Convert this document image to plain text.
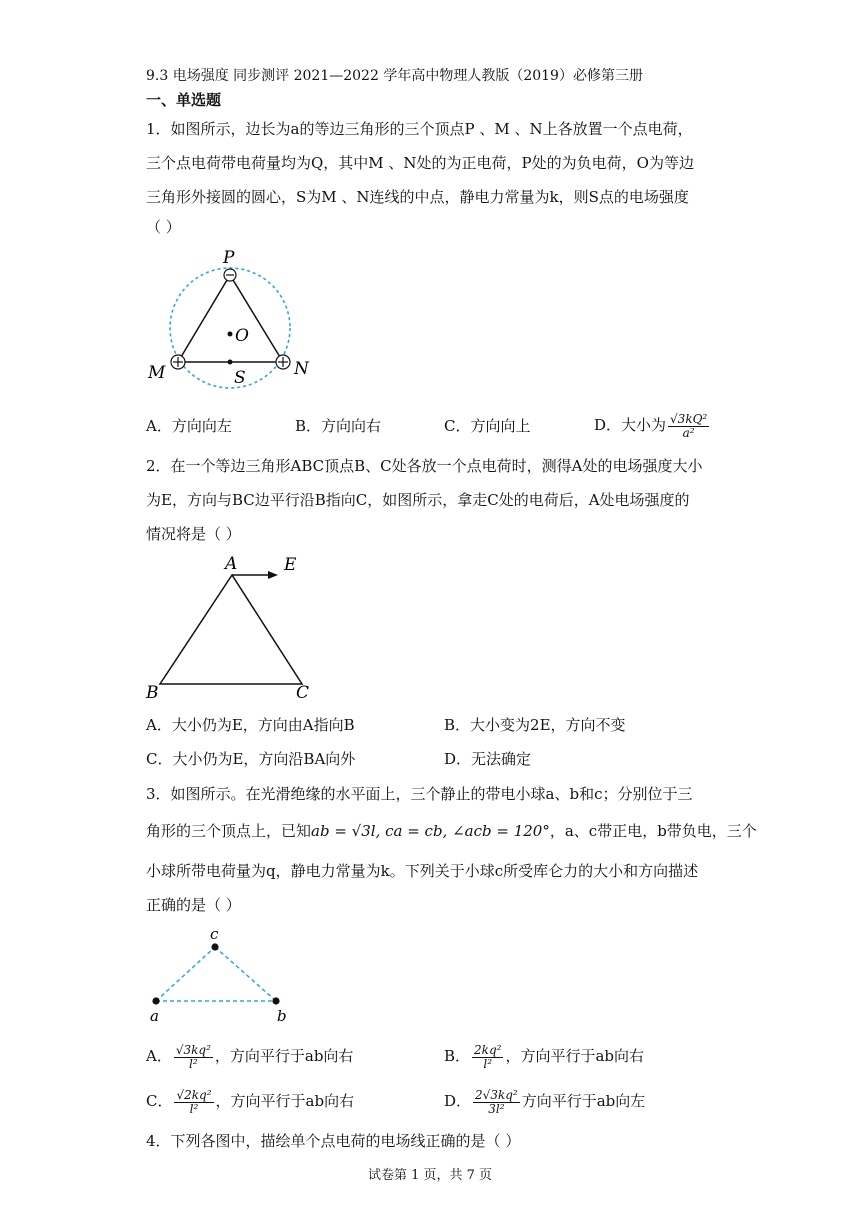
9.3 电场强度 同步测评 2021—2022 学年高中物理人教版（2019）必修第三册
一、单选题
1．如图所示，边长为a的等边三角形的三个顶点P 、M 、N上各放置一个点电荷，
三个点电荷带电荷量均为Q，其中M 、N处的为正电荷，P处的为负电荷，O为等边
三角形外接圆的圆心，S为M 、N连线的中点，静电力常量为k，则S点的电场强度
（ ）
P
O
M	S	N
A．方向向左	B．方向向右	C．方向向上	D．大小为 $\frac{\text{√3kQ²}}{\text{a²}}$
2．在一个等边三角形ABC顶点B、C处各放一个点电荷时，测得A处的电场强度大小
为E，方向与BC边平行沿B指向C，如图所示，拿走C处的电荷后，A处电场强度的
情况将是（ ）
A	E
B	C
A．大小仍为E，方向由A指向B	B．大小变为2E，方向不变
C．大小仍为E，方向沿BA向外	D．无法确定
3．如图所示。在光滑绝缘的水平面上，三个静止的带电小球a、b和c；分别位于三
角形的三个顶点上，已知ab = √3l, ca = cb, ∠acb = 120°，a、c带正电，b带负电，三个
小球所带电荷量为q，静电力常量为k。下列关于小球c所受库仑力的大小和方向描述
正确的是（ ）
c
a	b
A． $\frac{\text{√3kq²}}{\text{l²}}$ ，方向平行于ab向右	B． $\frac{\text{2kq²}}{\text{l²}}$ ，方向平行于ab向右
C． $\frac{\text{√2kq²}}{\text{l²}}$ ，方向平行于ab向右	D． $\frac{\text{2√3kq²}}{\text{3l²}}$ 方向平行于ab向左
4．下列各图中，描绘单个点电荷的电场线正确的是（ ）
试卷第 1 页，共 7 页
